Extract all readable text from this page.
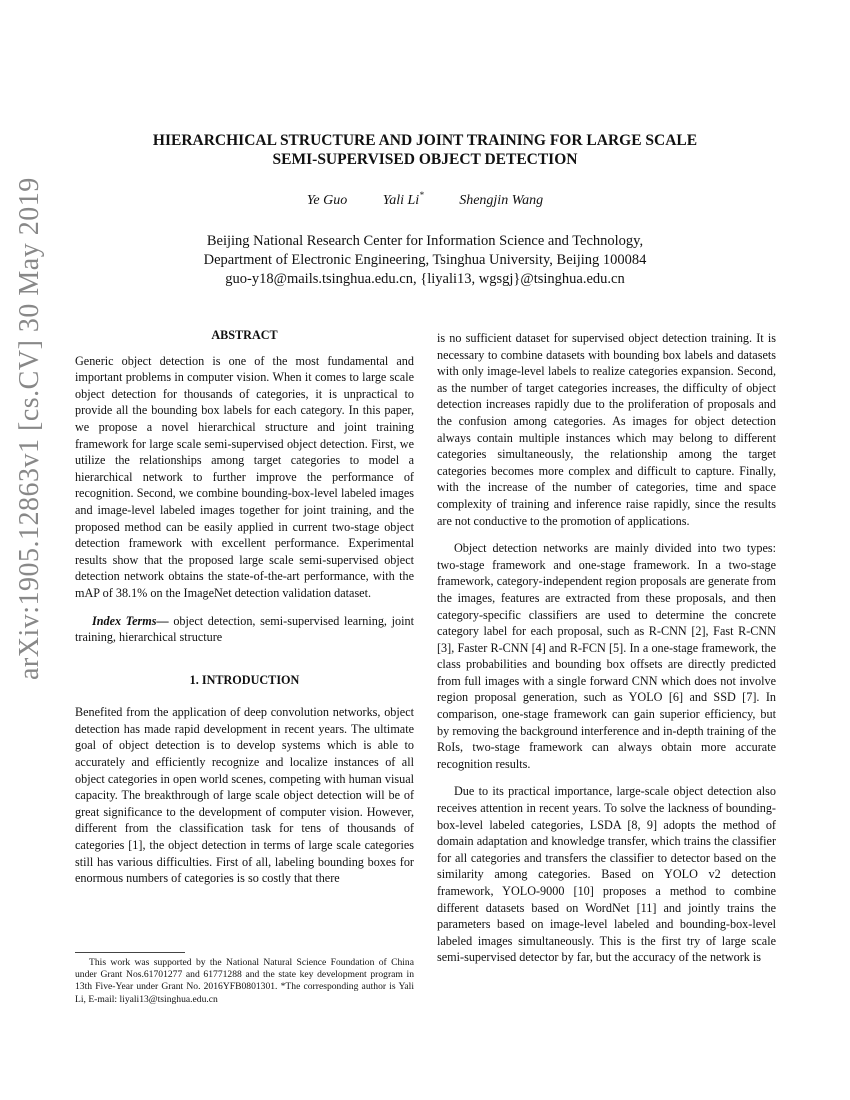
arXiv:1905.12863v1 [cs.CV] 30 May 2019
HIERARCHICAL STRUCTURE AND JOINT TRAINING FOR LARGE SCALE
SEMI-SUPERVISED OBJECT DETECTION
Ye Guo	Yali Li*	Shengjin Wang
Beijing National Research Center for Information Science and Technology,
Department of Electronic Engineering, Tsinghua University, Beijing 100084
guo-y18@mails.tsinghua.edu.cn, {liyali13, wgsgj}@tsinghua.edu.cn
ABSTRACT

Generic object detection is one of the most fundamental and important problems in computer vision. When it comes to large scale object detection for thousands of categories, it is unpractical to provide all the bounding box labels for each category. In this paper, we propose a novel hierarchical structure and joint training framework for large scale semi-supervised object detection. First, we utilize the relationships among target categories to model a hierarchical network to further improve the performance of recognition. Second, we combine bounding-box-level labeled images and image-level labeled images together for joint training, and the proposed method can be easily applied in current two-stage object detection framework with excellent performance. Experimental results show that the proposed large scale semi-supervised object detection network obtains the state-of-the-art performance, with the mAP of 38.1% on the ImageNet detection validation dataset.

Index Terms— object detection, semi-supervised learning, joint training, hierarchical structure

1. INTRODUCTION

Benefited from the application of deep convolution networks, object detection has made rapid development in recent years. The ultimate goal of object detection is to develop systems which is able to accurately and efficiently recognize and localize instances of all object categories in open world scenes, competing with human visual capacity. The breakthrough of large scale object detection will be of great significance to the development of computer vision. However, different from the classification task for tens of thousands of categories [1], the object detection in terms of large scale categories still has various difficulties. First of all, labeling bounding boxes for enormous numbers of categories is so costly that there

This work was supported by the National Natural Science Foundation of China under Grant Nos.61701277 and 61771288 and the state key development program in 13th Five-Year under Grant No. 2016YFB0801301. *The corresponding author is Yali Li, E-mail: liyali13@tsinghua.edu.cn

is no sufficient dataset for supervised object detection training. It is necessary to combine datasets with bounding box labels and datasets with only image-level labels to realize categories expansion. Second, as the number of target categories increases, the difficulty of object detection increases rapidly due to the proliferation of proposals and the confusion among categories. As images for object detection always contain multiple instances which may belong to different categories simultaneously, the relationship among the target categories becomes more complex and difficult to capture. Finally, with the increase of the number of categories, time and space complexity of training and inference raise rapidly, since the results are not conductive to the promotion of applications.

Object detection networks are mainly divided into two types: two-stage framework and one-stage framework. In a two-stage framework, category-independent region proposals are generate from the images, features are extracted from these proposals, and then category-specific classifiers are used to determine the concrete category label for each proposal, such as R-CNN [2], Fast R-CNN [3], Faster R-CNN [4] and R-FCN [5]. In a one-stage framework, the class probabilities and bounding box offsets are directly predicted from full images with a single forward CNN which does not involve region proposal generation, such as YOLO [6] and SSD [7]. In comparison, one-stage framework can gain superior efficiency, but by removing the background interference and in-depth training of the RoIs, two-stage framework can always obtain more accurate recognition results.

Due to its practical importance, large-scale object detection also receives attention in recent years. To solve the lackness of bounding-box-level labeled categories, LSDA [8, 9] adopts the method of domain adaptation and knowledge transfer, which trains the classifier for all categories and transfers the classifier to detector based on the similarity among categories. Based on YOLO v2 detection framework, YOLO-9000 [10] proposes a method to combine different datasets based on WordNet [11] and jointly trains the parameters based on image-level labeled and bounding-box-level labeled images simultaneously. This is the first try of large scale semi-supervised detector by far, but the accuracy of the network is
